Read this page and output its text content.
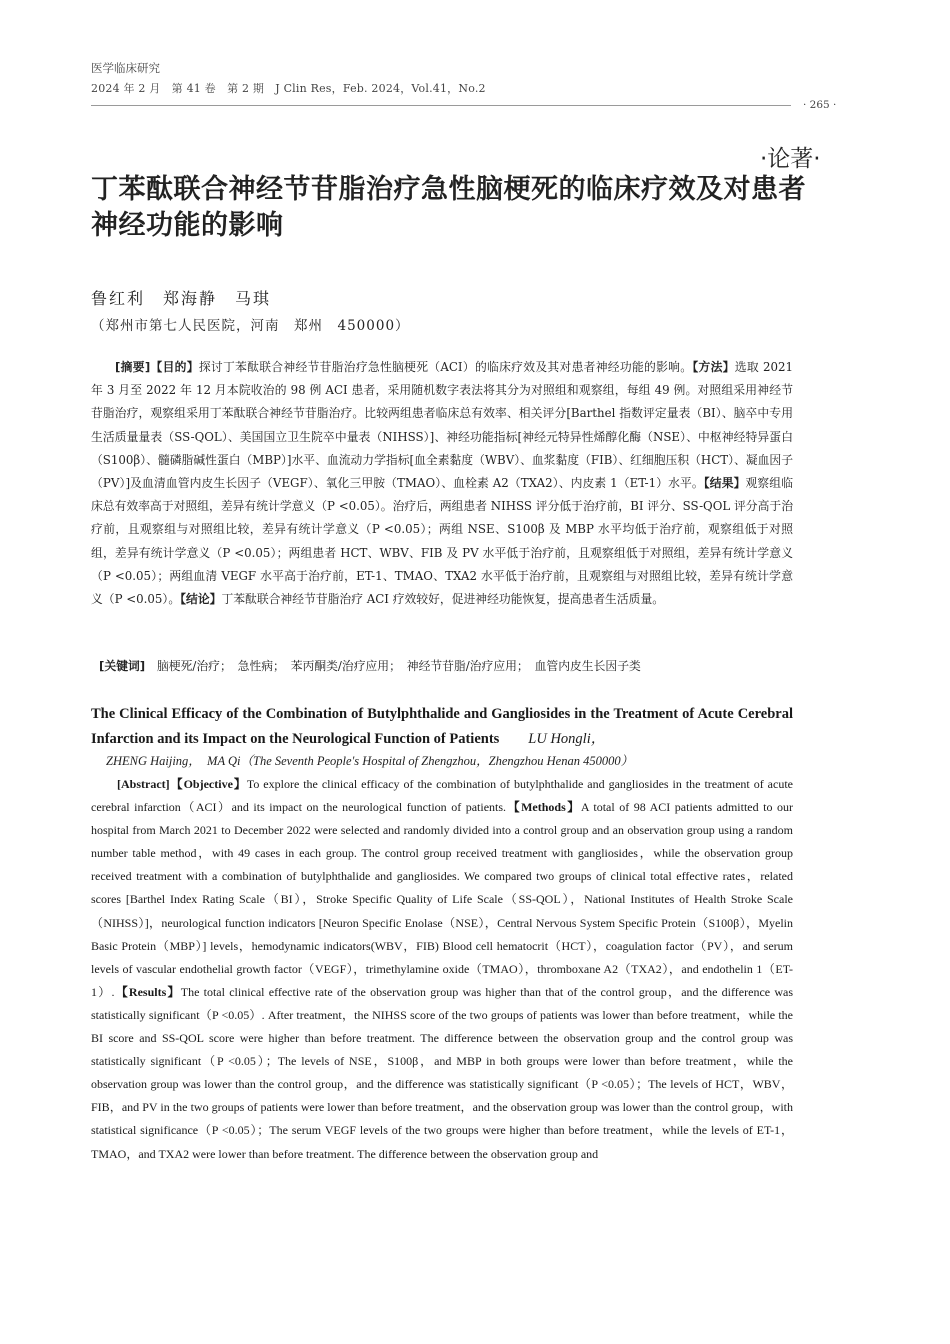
医学临床研究
2024 年 2 月　第 41 卷　第 2 期　J Clin Res，Feb. 2024，Vol.41，No.2
· 265 ·
·论著·
丁苯酞联合神经节苷脂治疗急性脑梗死的临床疗效及对患者神经功能的影响
鲁红利　郑海静　马琪
（郑州市第七人民医院，河南　郑州　450000）
[摘要]【目的】探讨丁苯酞联合神经节苷脂治疗急性脑梗死（ACI）的临床疗效及其对患者神经功能的影响。【方法】选取 2021 年 3 月至 2022 年 12 月本院收治的 98 例 ACI 患者，采用随机数字表法将其分为对照组和观察组，每组 49 例。对照组采用神经节苷脂治疗，观察组采用丁苯酞联合神经节苷脂治疗。比较两组患者临床总有效率、相关评分[Barthel 指数评定量表（BI）、脑卒中专用生活质量量表（SS-QOL）、美国国立卫生院卒中量表（NIHSS）]、神经功能指标[神经元特异性烯醇化酶（NSE）、中枢神经特异蛋白（S100β）、髓磷脂碱性蛋白（MBP）]水平、血流动力学指标[血全素黏度（WBV）、血浆黏度（FIB）、红细胞压积（HCT）、凝血因子（PV）]及血清血管内皮生长因子（VEGF）、氧化三甲胺（TMAO）、血栓素 A2（TXA2）、内皮素 1（ET-1）水平。【结果】观察组临床总有效率高于对照组，差异有统计学意义（P <0.05）。治疗后，两组患者 NIHSS 评分低于治疗前，BI 评分、SS-QOL 评分高于治疗前，且观察组与对照组比较，差异有统计学意义（P <0.05）；两组 NSE、S100β 及 MBP 水平均低于治疗前，观察组低于对照组，差异有统计学意义（P <0.05）；两组患者 HCT、WBV、FIB 及 PV 水平低于治疗前，且观察组低于对照组，差异有统计学意义（P <0.05）；两组血清 VEGF 水平高于治疗前，ET-1、TMAO、TXA2 水平低于治疗前，且观察组与对照组比较，差异有统计学意义（P <0.05）。【结论】丁苯酞联合神经节苷脂治疗 ACI 疗效较好，促进神经功能恢复，提高患者生活质量。
[关键词]　 脑梗死/治疗；　急性病；　苯丙酮类/治疗应用；　神经节苷脂/治疗应用；　血管内皮生长因子类
The Clinical Efficacy of the Combination of Butylphthalide and Gangliosides in the Treatment of Acute Cerebral Infarction and its Impact on the Neurological Function of Patients　　 LU Hongli，
ZHENG Haijing，　MA Qi（The Seventh People's Hospital of Zhengzhou，Zhengzhou Henan 450000）
[Abstract]【Objective】To explore the clinical efficacy of the combination of butylphthalide and gangliosides in the treatment of acute cerebral infarction（ACI）and its impact on the neurological function of patients.【Methods】A total of 98 ACI patients admitted to our hospital from March 2021 to December 2022 were selected and randomly divided into a control group and an observation group using a random number table method，with 49 cases in each group. The control group received treatment with gangliosides，while the observation group received treatment with a combination of butylphthalide and gangliosides. We compared two groups of clinical total effective rates，related scores [Barthel Index Rating Scale（BI），Stroke Specific Quality of Life Scale（SS-QOL），National Institutes of Health Stroke Scale（NIHSS）]，neurological function indicators [Neuron Specific Enolase（NSE），Central Nervous System Specific Protein（S100β），Myelin Basic Protein（MBP）] levels，hemodynamic indicators(WBV，FIB) Blood cell hematocrit（HCT），coagulation factor（PV），and serum levels of vascular endothelial growth factor（VEGF），trimethylamine oxide（TMAO），thromboxane A2（TXA2），and endothelin 1（ET-1）.【Results】The total clinical effective rate of the observation group was higher than that of the control group，and the difference was statistically significant（P <0.05）. After treatment，the NIHSS score of the two groups of patients was lower than before treatment，while the BI score and SS-QOL score were higher than before treatment. The difference between the observation group and the control group was statistically significant（P <0.05）；The levels of NSE，S100β，and MBP in both groups were lower than before treatment，while the observation group was lower than the control group，and the difference was statistically significant（P <0.05）；The levels of HCT，WBV，FIB，and PV in the two groups of patients were lower than before treatment，and the observation group was lower than the control group，with statistical significance（P <0.05）；The serum VEGF levels of the two groups were higher than before treatment，while the levels of ET-1，TMAO，and TXA2 were lower than before treatment. The difference between the observation group and
